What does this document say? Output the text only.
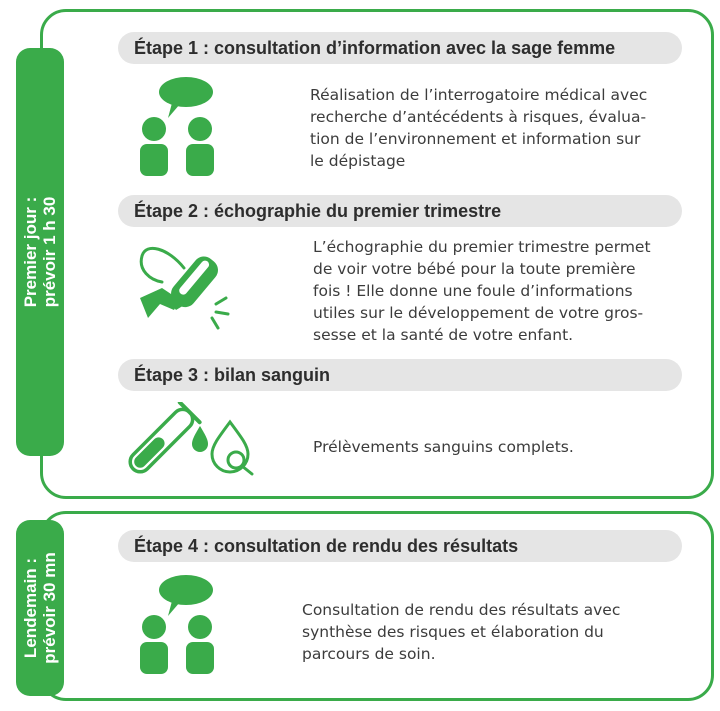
Premier jour : prévoir 1 h 30
Lendemain : prévoir 30 mn
Étape 1 : consultation d’information avec la sage femme
Réalisation de l’interrogatoire médical avec
recherche d’antécédents à risques, évalua-
tion de l’environnement et information sur
le dépistage
Étape 2 : échographie du premier trimestre
L’échographie du premier trimestre permet
de voir votre bébé pour la toute première
fois ! Elle donne une foule d’informations
utiles sur le développement de votre gros-
sesse et la santé de votre enfant.
Étape 3 : bilan sanguin
Prélèvements sanguins complets.
Étape 4 : consultation de rendu des résultats
Consultation de rendu des résultats avec
synthèse des risques et élaboration du
parcours de soin.
